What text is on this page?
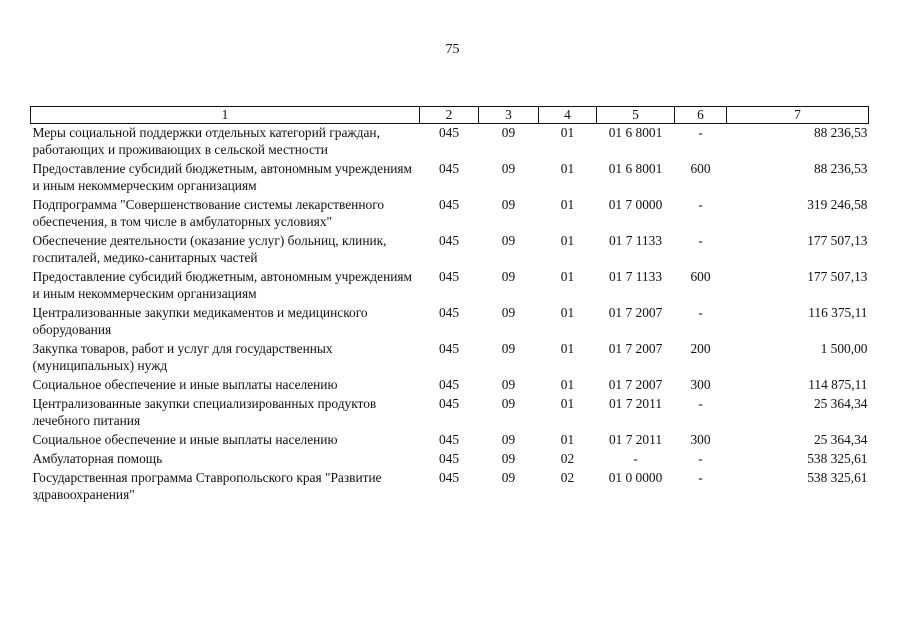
75
1	2	3	4	5	6	7
Меры социальной поддержки отдельных категорий граждан, работающих и проживающих в сельской местности	045	09	01	01 6 8001	-	88 236,53
Предоставление субсидий бюджетным, автономным учреждениям и иным некоммерческим организациям	045	09	01	01 6 8001	600	88 236,53
Подпрограмма "Совершенствование системы лекарственного обеспечения, в том числе в амбулаторных условиях"	045	09	01	01 7 0000	-	319 246,58
Обеспечение деятельности (оказание услуг) больниц, клиник, госпиталей, медико-санитарных частей	045	09	01	01 7 1133	-	177 507,13
Предоставление субсидий бюджетным, автономным учреждениям и иным некоммерческим организациям	045	09	01	01 7 1133	600	177 507,13
Централизованные закупки медикаментов и медицинского оборудования	045	09	01	01 7 2007	-	116 375,11
Закупка товаров, работ и услуг для государственных (муниципальных) нужд	045	09	01	01 7 2007	200	1 500,00
Социальное обеспечение и иные выплаты населению	045	09	01	01 7 2007	300	114 875,11
Централизованные закупки специализированных продуктов лечебного питания	045	09	01	01 7 2011	-	25 364,34
Социальное обеспечение и иные выплаты населению	045	09	01	01 7 2011	300	25 364,34
Амбулаторная помощь	045	09	02	-	-	538 325,61
Государственная программа Ставропольского края "Развитие здравоохранения"	045	09	02	01 0 0000	-	538 325,61
